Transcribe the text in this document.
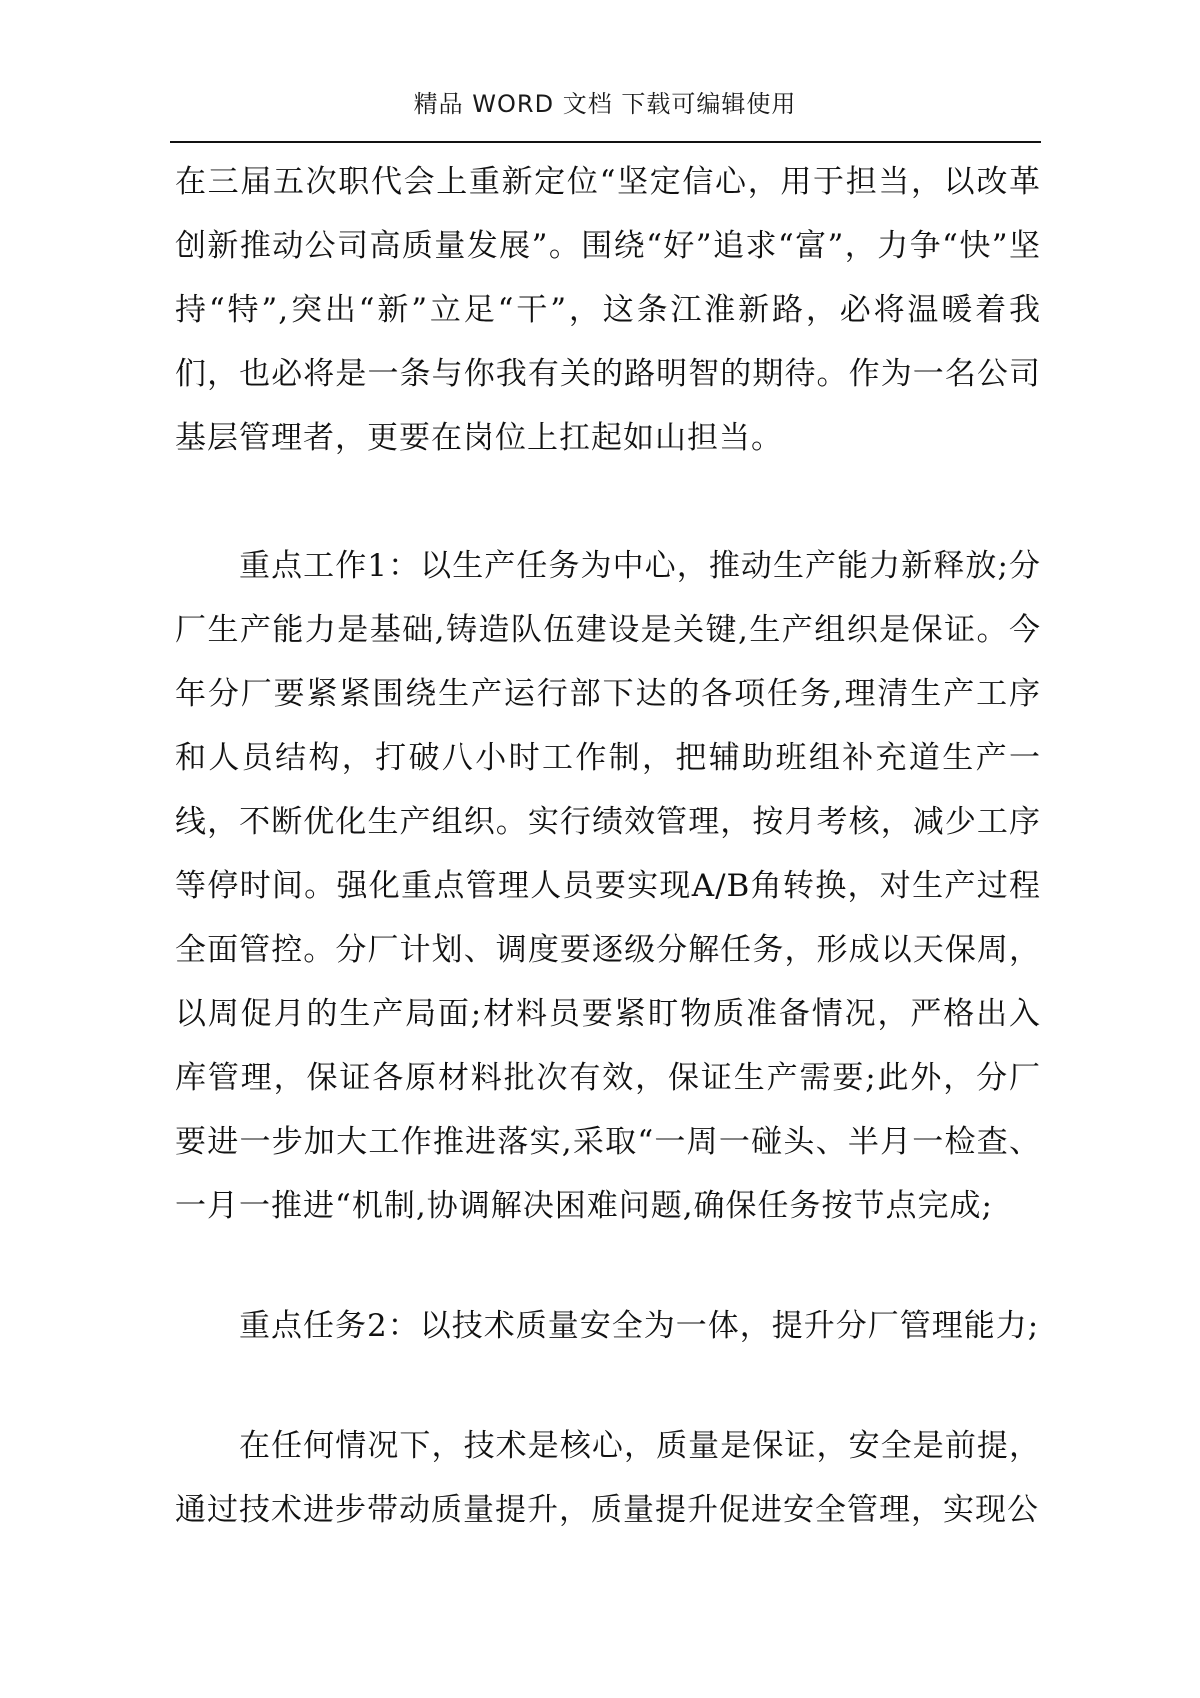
精品 WORD 文档 下载可编辑使用

在三届五次职代会上重新定位“坚定信心，用于担当，以改革创新推动公司高质量发展”。围绕“好”追求“富”，力争“快”坚持“特”,突出“新”立足“干”，这条江淮新路，必将温暖着我们，也必将是一条与你我有关的路明智的期待。作为一名公司基层管理者，更要在岗位上扛起如山担当。

重点工作1：以生产任务为中心，推动生产能力新释放;分厂生产能力是基础,铸造队伍建设是关键,生产组织是保证。今年分厂要紧紧围绕生产运行部下达的各项任务,理清生产工序和人员结构，打破八小时工作制，把辅助班组补充道生产一线，不断优化生产组织。实行绩效管理，按月考核，减少工序等停时间。强化重点管理人员要实现A/B角转换，对生产过程全面管控。分厂计划、调度要逐级分解任务，形成以天保周，以周促月的生产局面;材料员要紧盯物质准备情况，严格出入库管理，保证各原材料批次有效，保证生产需要;此外，分厂要进一步加大工作推进落实,采取“一周一碰头、半月一检查、一月一推进“机制,协调解决困难问题,确保任务按节点完成;

重点任务2：以技术质量安全为一体，提升分厂管理能力;

在任何情况下，技术是核心，质量是保证，安全是前提，通过技术进步带动质量提升，质量提升促进安全管理，实现公
